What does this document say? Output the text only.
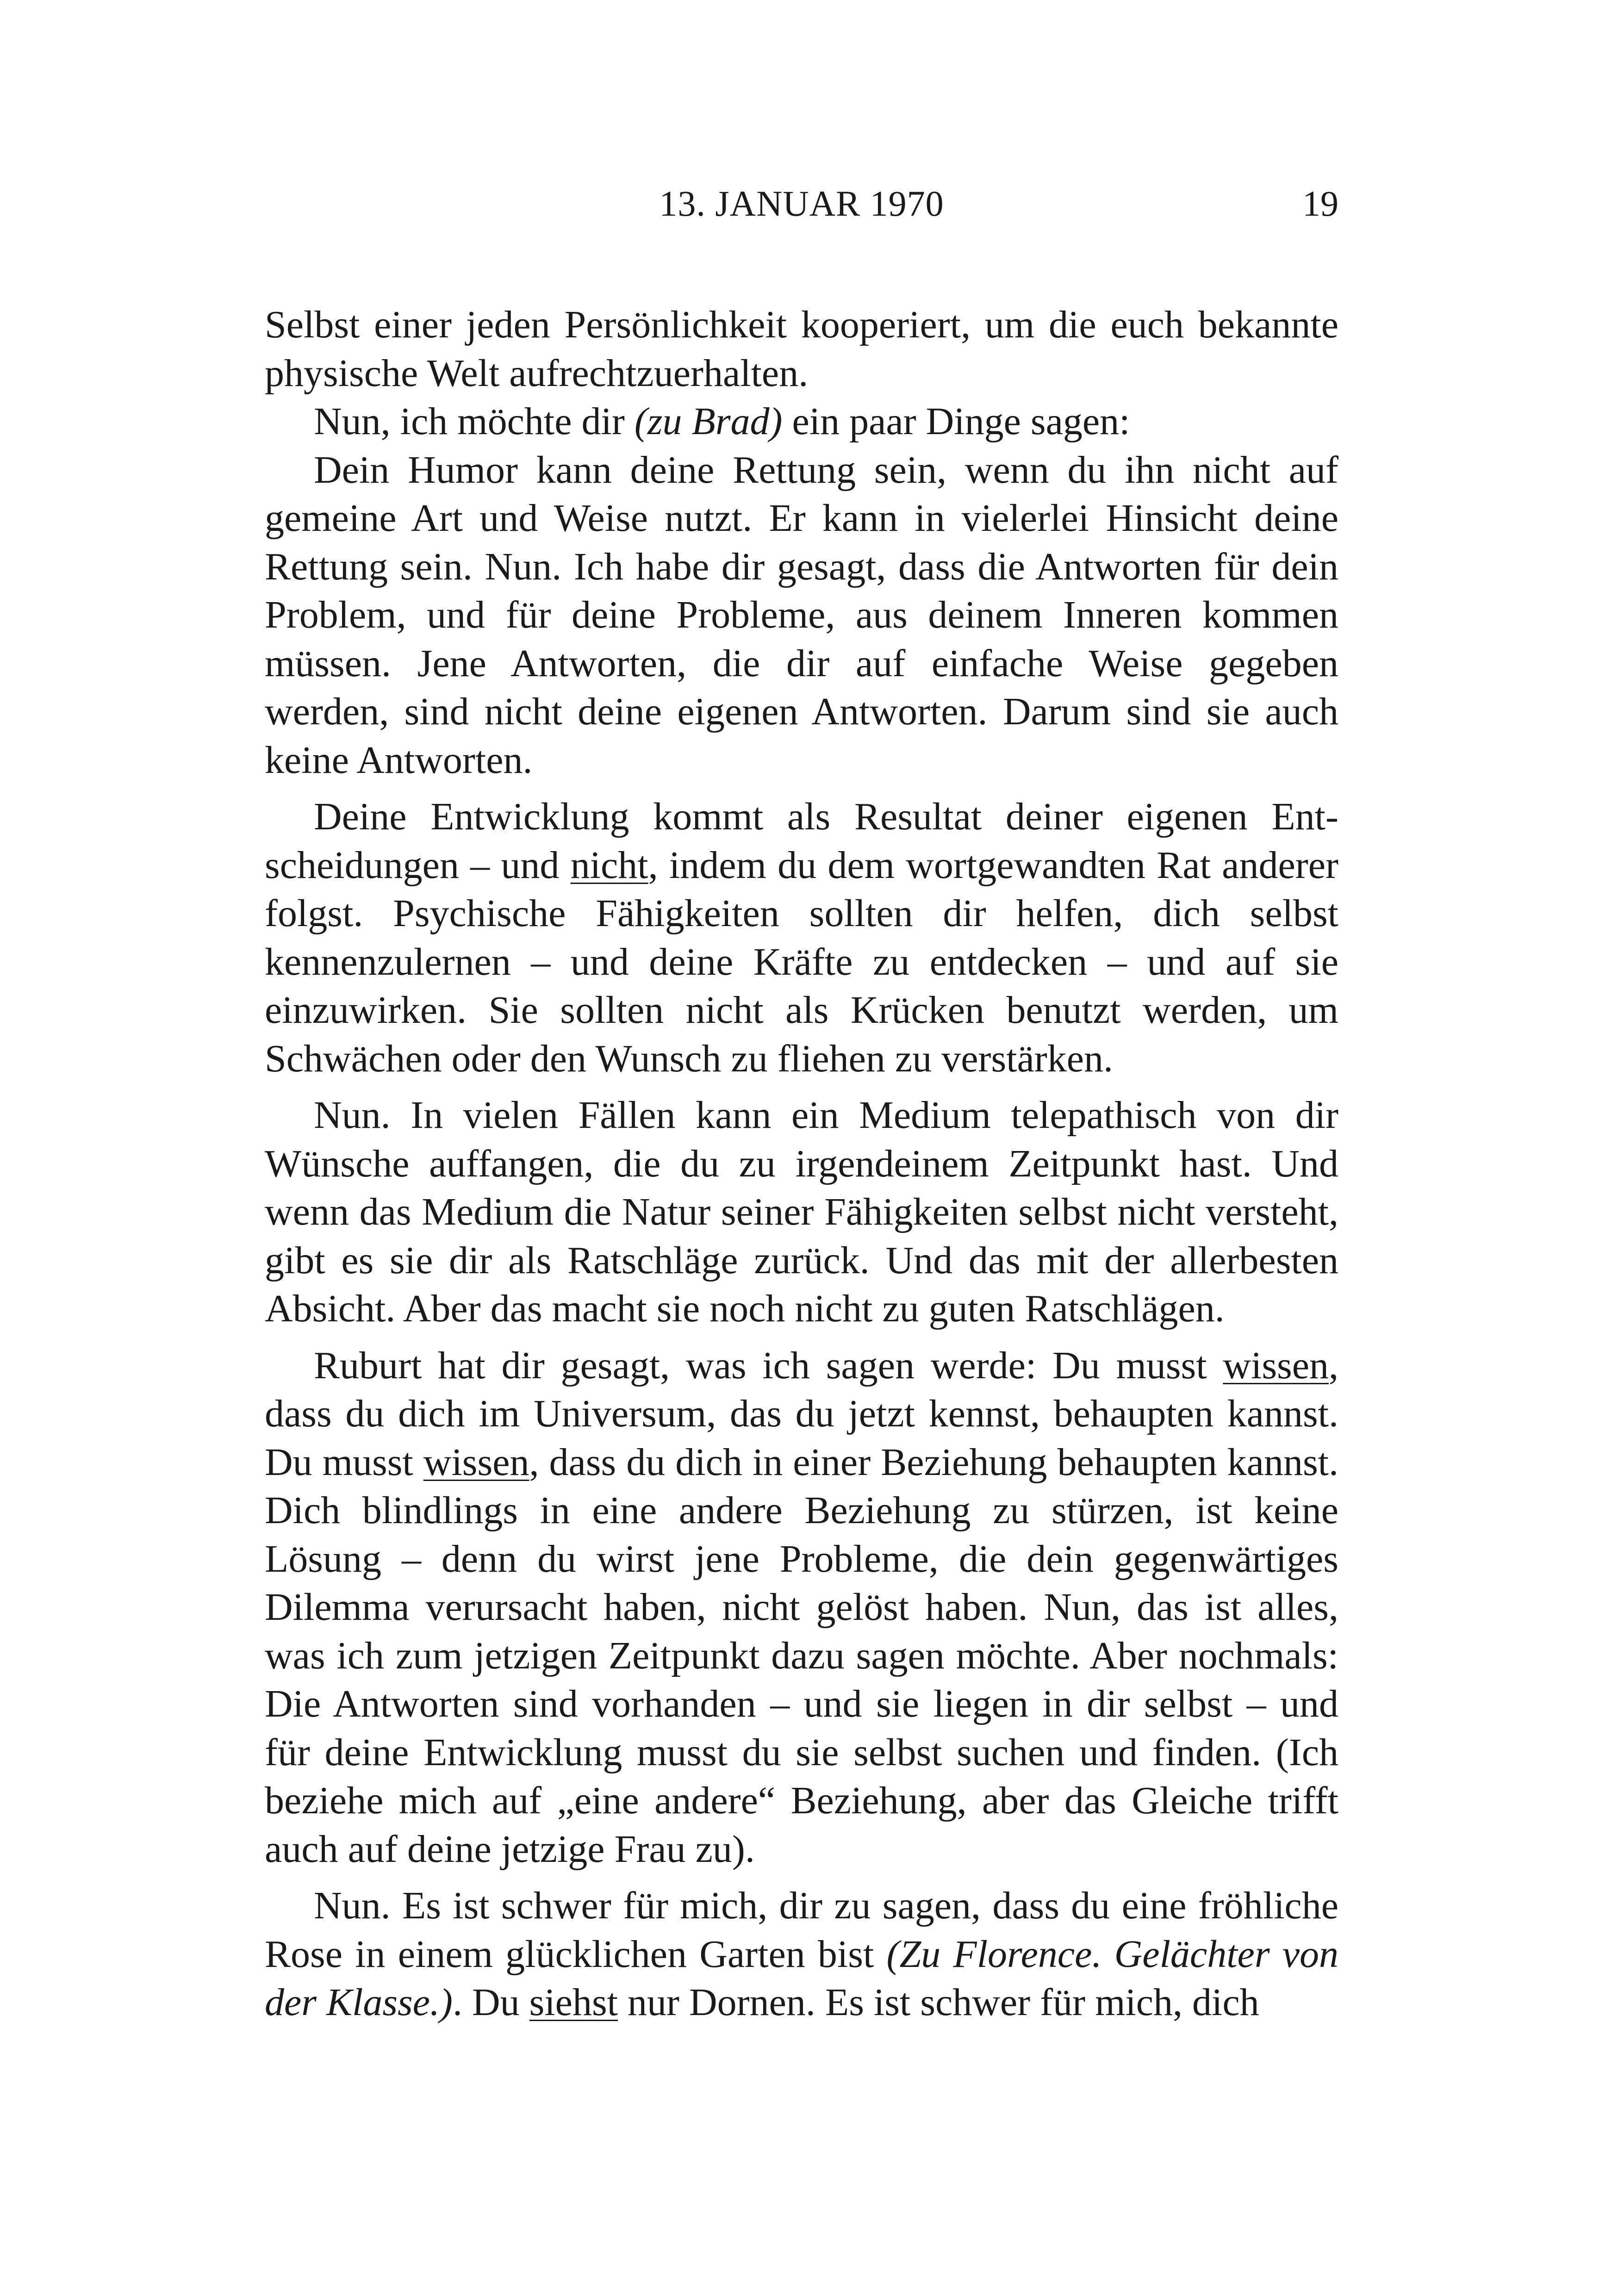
13. JANUAR 1970	19

Selbst einer jeden Persönlichkeit kooperiert, um die euch bekannte physische Welt aufrechtzuerhalten.

Nun, ich möchte dir (zu Brad) ein paar Dinge sagen:

Dein Humor kann deine Rettung sein, wenn du ihn nicht auf gemeine Art und Weise nutzt. Er kann in vielerlei Hinsicht deine Rettung sein. Nun. Ich habe dir gesagt, dass die Antworten für dein Problem, und für deine Probleme, aus deinem Inneren kommen müssen. Jene Antworten, die dir auf einfache Weise gegeben werden, sind nicht deine eigenen Antworten. Darum sind sie auch keine Antworten.

Deine Entwicklung kommt als Resultat deiner eigenen Entscheidungen – und nicht, indem du dem wortgewandten Rat anderer folgst. Psychische Fähigkeiten sollten dir helfen, dich selbst kennenzulernen – und deine Kräfte zu entdecken – und auf sie einzuwirken. Sie sollten nicht als Krücken benutzt werden, um Schwächen oder den Wunsch zu fliehen zu verstärken.

Nun. In vielen Fällen kann ein Medium telepathisch von dir Wünsche auffangen, die du zu irgendeinem Zeitpunkt hast. Und wenn das Medium die Natur seiner Fähigkeiten selbst nicht versteht, gibt es sie dir als Ratschläge zurück. Und das mit der allerbesten Absicht. Aber das macht sie noch nicht zu guten Ratschlägen.

Ruburt hat dir gesagt, was ich sagen werde: Du musst wissen, dass du dich im Universum, das du jetzt kennst, behaupten kannst. Du musst wissen, dass du dich in einer Beziehung behaupten kannst. Dich blindlings in eine andere Beziehung zu stürzen, ist keine Lösung – denn du wirst jene Probleme, die dein gegenwärtiges Dilemma verursacht haben, nicht gelöst haben. Nun, das ist alles, was ich zum jetzigen Zeitpunkt dazu sagen möchte. Aber nochmals: Die Antworten sind vorhanden – und sie liegen in dir selbst – und für deine Entwicklung musst du sie selbst suchen und finden. (Ich beziehe mich auf „eine andere“ Beziehung, aber das Gleiche trifft auch auf deine jetzige Frau zu).

Nun. Es ist schwer für mich, dir zu sagen, dass du eine fröhliche Rose in einem glücklichen Garten bist (Zu Florence. Gelächter von der Klasse.). Du siehst nur Dornen. Es ist schwer für mich, dich
